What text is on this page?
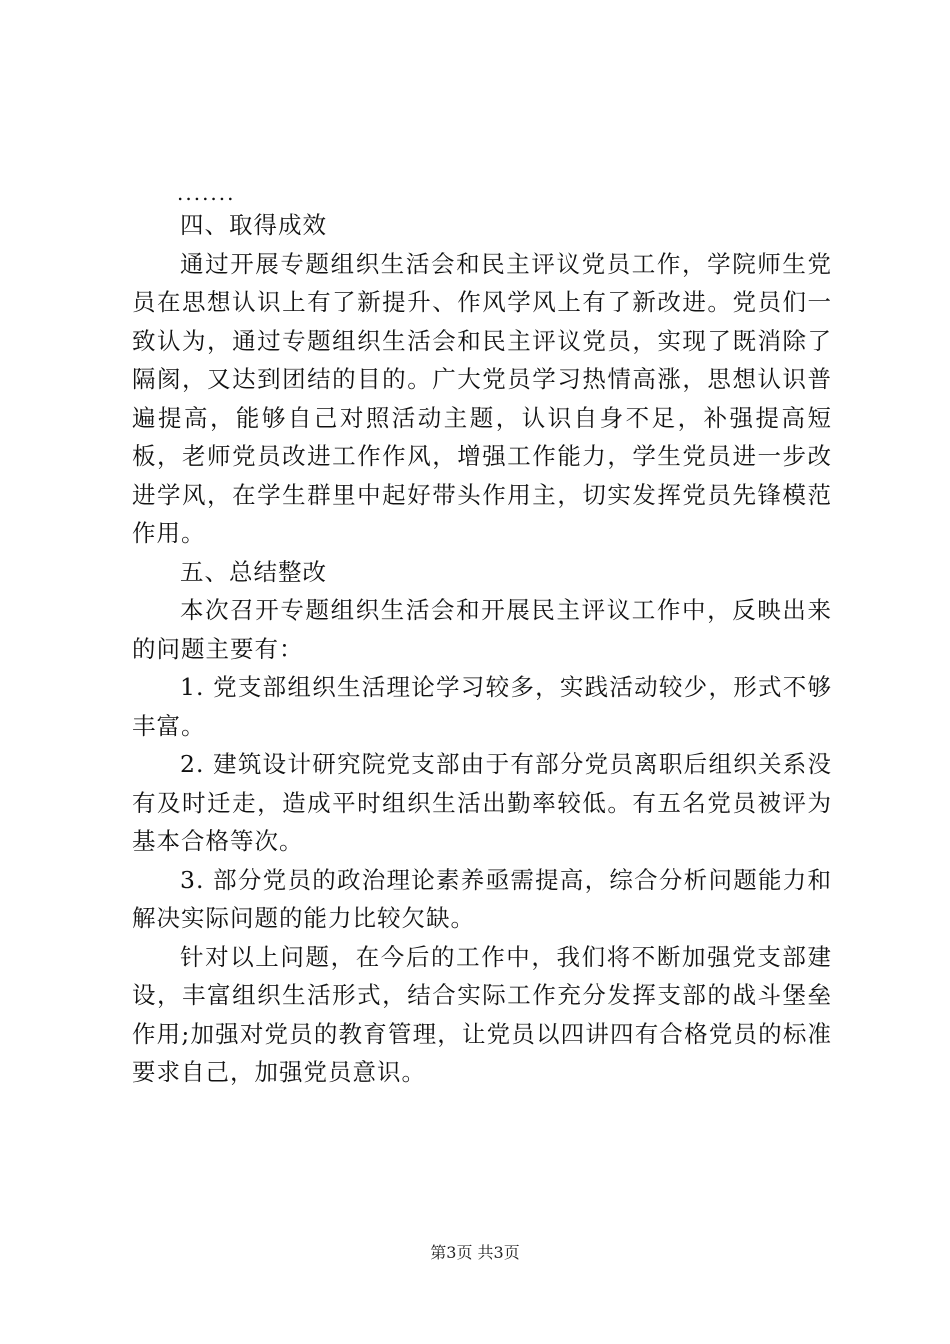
.......

四、取得成效

通过开展专题组织生活会和民主评议党员工作，学院师生党员在思想认识上有了新提升、作风学风上有了新改进。党员们一致认为，通过专题组织生活会和民主评议党员，实现了既消除了隔阂，又达到团结的目的。广大党员学习热情高涨，思想认识普遍提高，能够自己对照活动主题，认识自身不足，补强提高短板，老师党员改进工作作风，增强工作能力，学生党员进一步改进学风，在学生群里中起好带头作用主，切实发挥党员先锋模范作用。

五、总结整改

本次召开专题组织生活会和开展民主评议工作中，反映出来的问题主要有：

1. 党支部组织生活理论学习较多，实践活动较少，形式不够丰富。

2. 建筑设计研究院党支部由于有部分党员离职后组织关系没有及时迁走，造成平时组织生活出勤率较低。有五名党员被评为基本合格等次。

3. 部分党员的政治理论素养亟需提高，综合分析问题能力和解决实际问题的能力比较欠缺。

针对以上问题，在今后的工作中，我们将不断加强党支部建设，丰富组织生活形式，结合实际工作充分发挥支部的战斗堡垒作用;加强对党员的教育管理，让党员以四讲四有合格党员的标准要求自己，加强党员意识。

第3页 共3页
